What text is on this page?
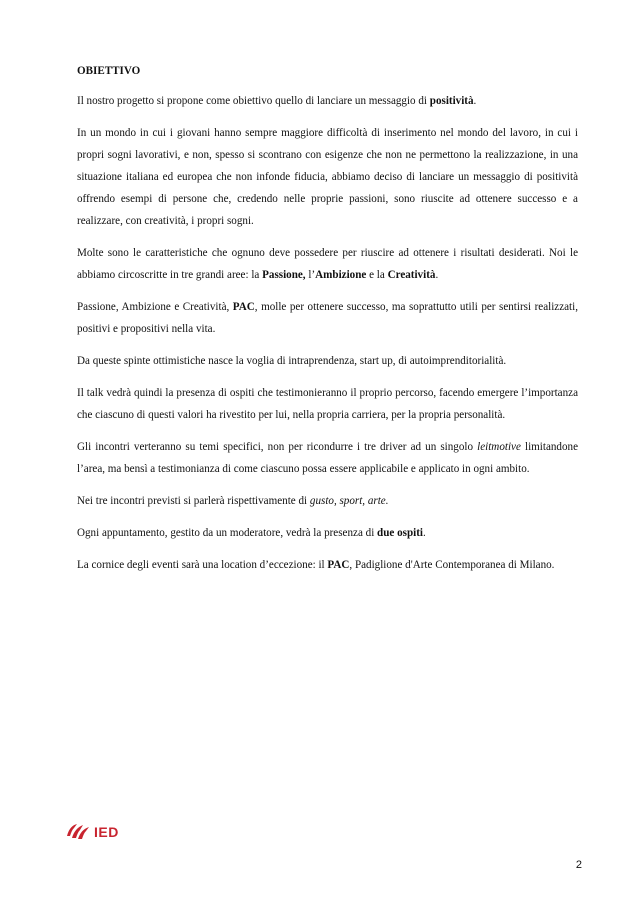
OBIETTIVO

Il nostro progetto si propone come obiettivo quello di lanciare un messaggio di positività.

In un mondo in cui i giovani hanno sempre maggiore difficoltà di inserimento nel mondo del lavoro, in cui i propri sogni lavorativi, e non, spesso si scontrano con esigenze che non ne permettono la realizzazione, in una situazione italiana ed europea che non infonde fiducia, abbiamo deciso di lanciare un messaggio di positività offrendo esempi di persone che, credendo nelle proprie passioni, sono riuscite ad ottenere successo e a realizzare, con creatività, i propri sogni.

Molte sono le caratteristiche che ognuno deve possedere per riuscire ad ottenere i risultati desiderati. Noi le abbiamo circoscritte in tre grandi aree: la Passione, l’Ambizione e la Creatività.

Passione, Ambizione e Creatività, PAC, molle per ottenere successo, ma soprattutto utili per sentirsi realizzati, positivi e propositivi nella vita.

Da queste spinte ottimistiche nasce la voglia di intraprendenza, start up, di autoimprenditorialità.

Il talk vedrà quindi la presenza di ospiti che testimonieranno il proprio percorso, facendo emergere l’importanza che ciascuno di questi valori ha rivestito per lui, nella propria carriera, per la propria personalità.

Gli incontri verteranno su temi specifici, non per ricondurre i tre driver ad un singolo leitmotive limitandone l’area, ma bensì a testimonianza di come ciascuno possa essere applicabile e applicato in ogni ambito.

Nei tre incontri previsti si parlerà rispettivamente di gusto, sport, arte.

Ogni appuntamento, gestito da un moderatore, vedrà la presenza di due ospiti.

La cornice degli eventi sarà una location d’eccezione: il PAC, Padiglione d'Arte Contemporanea di Milano.

IED
2
